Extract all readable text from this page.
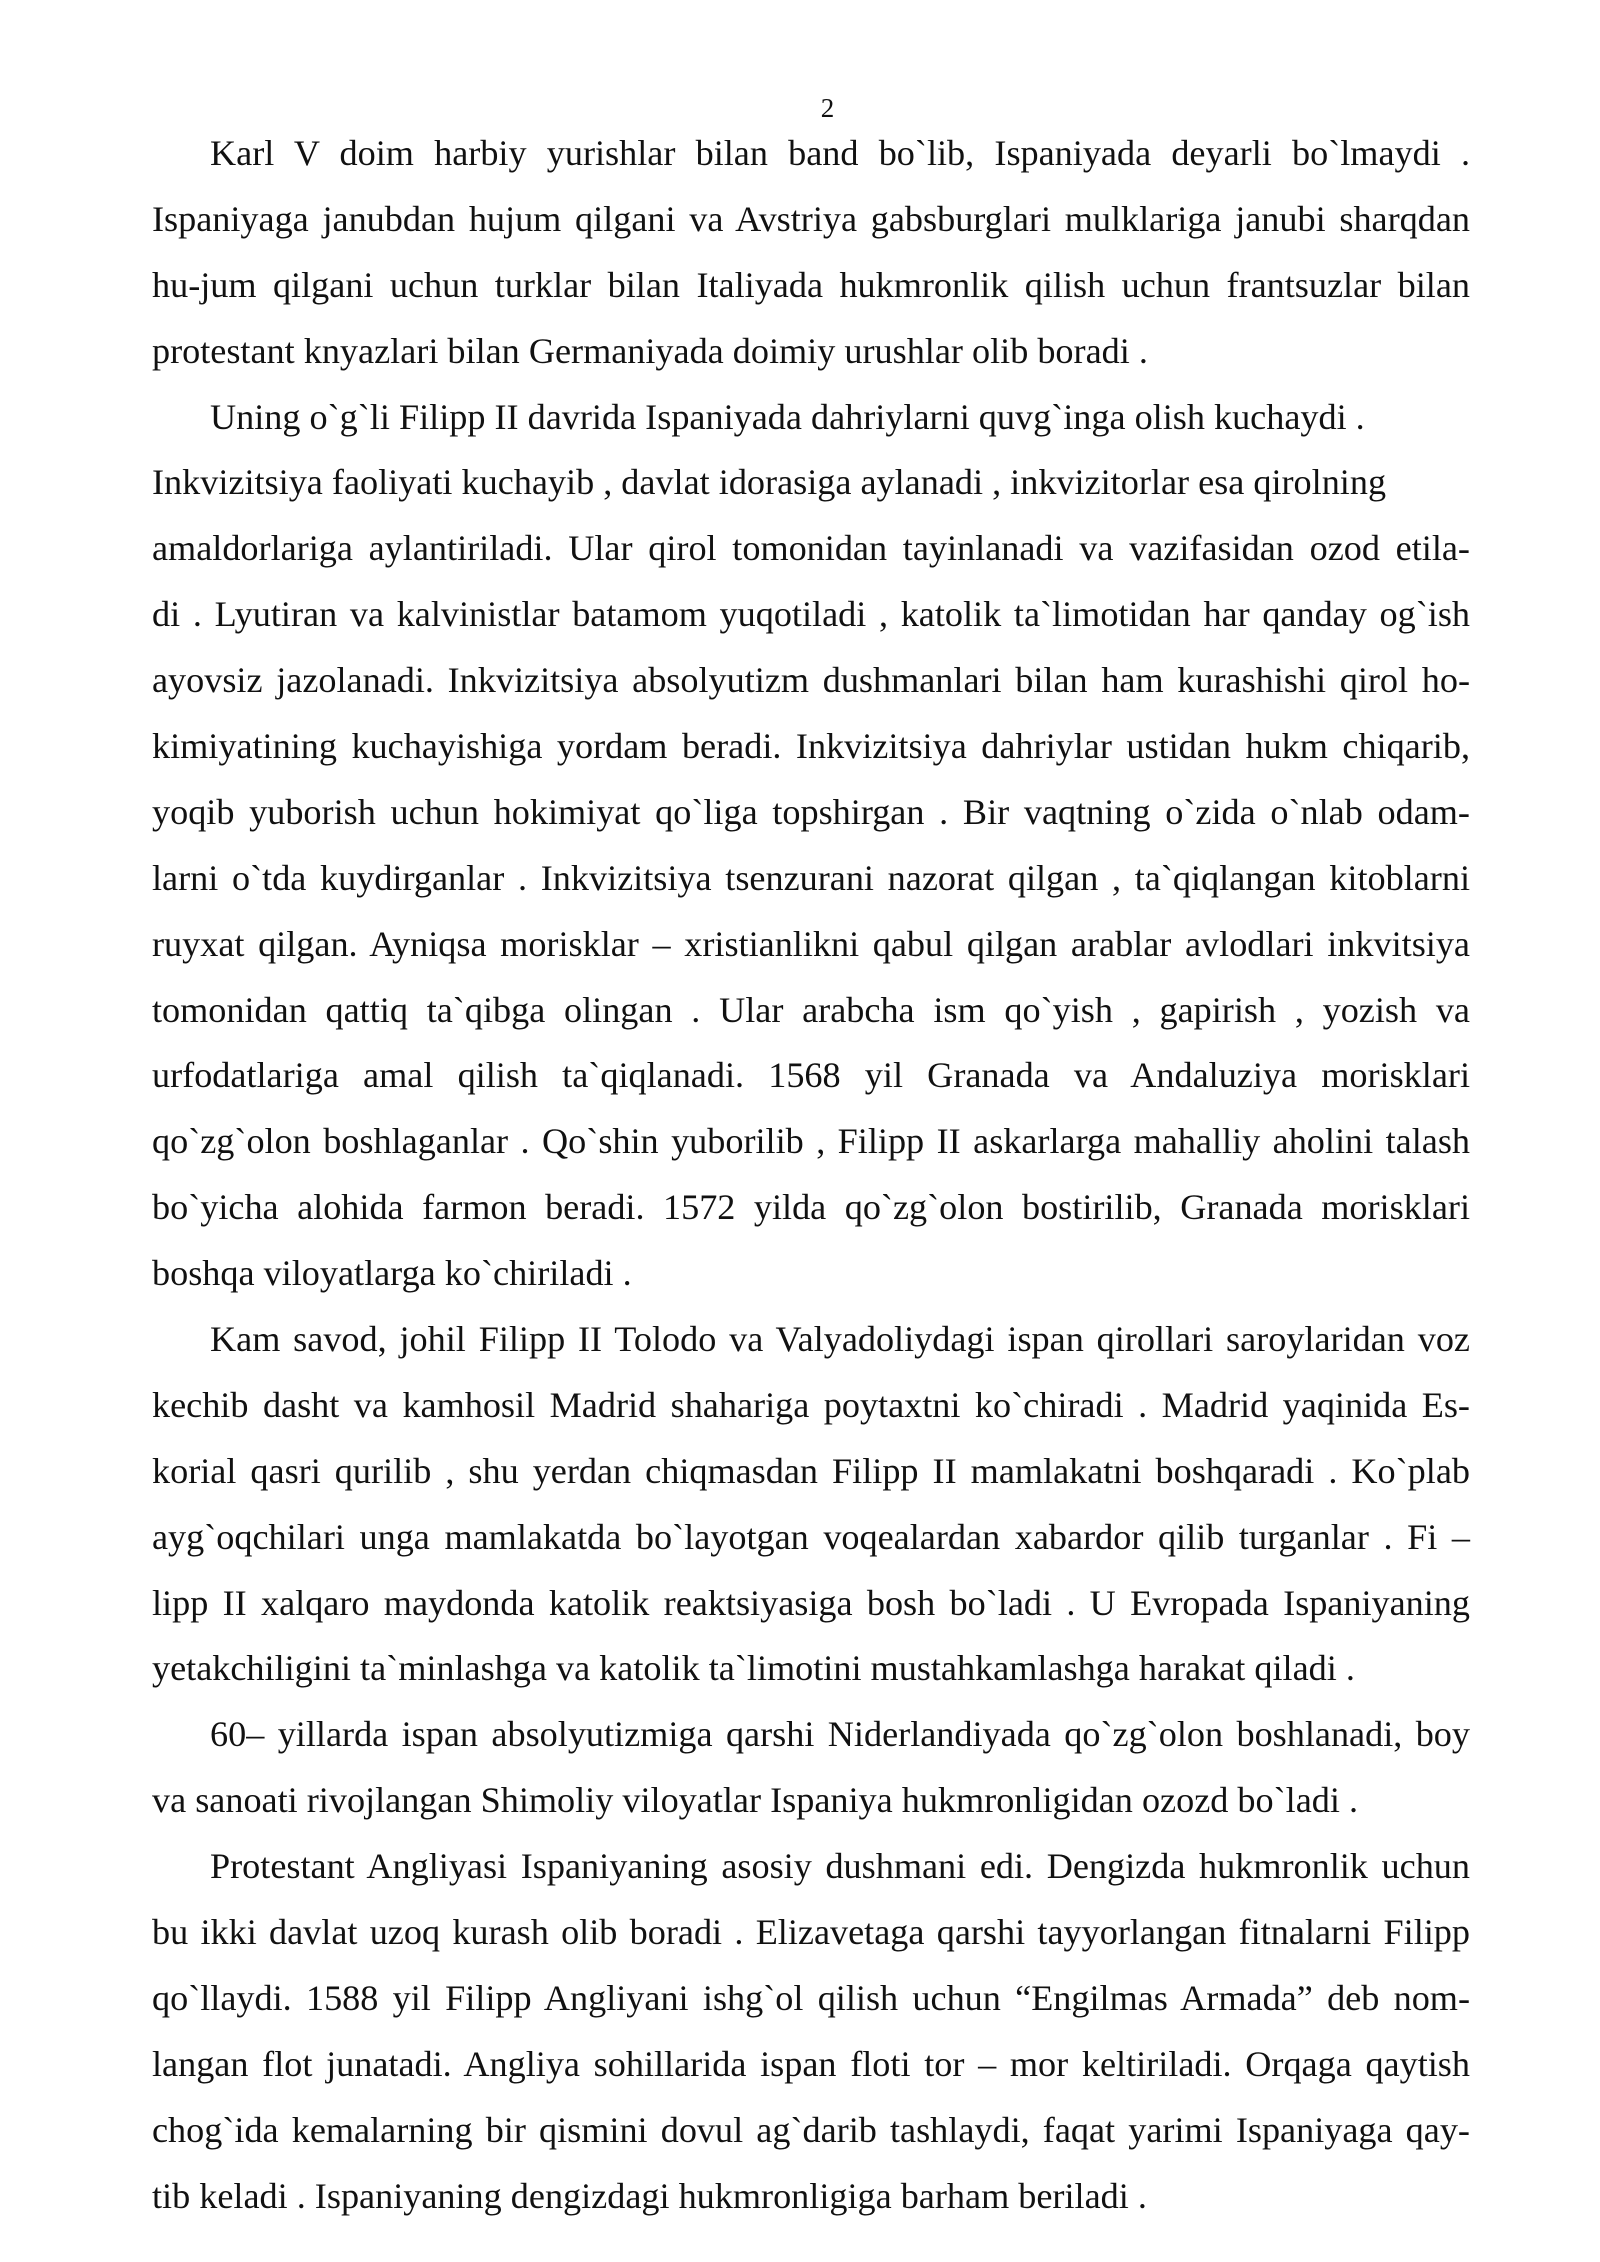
2
Karl V doim harbiy yurishlar bilan band bo`lib, Ispaniyada deyarli bo`lmaydi .
Ispaniyaga janubdan hujum qilgani va Avstriya gabsburglari mulklariga janubi sharqdan
hu-jum qilgani uchun turklar bilan Italiyada hukmronlik qilish uchun frantsuzlar bilan
protestant knyazlari bilan Germaniyada doimiy urushlar olib boradi .
Uning o`g`li Filipp II davrida Ispaniyada dahriylarni quvg`inga olish kuchaydi .
Inkvizitsiya faoliyati kuchayib , davlat idorasiga aylanadi , inkvizitorlar esa qirolning
amaldorlariga aylantiriladi. Ular qirol tomonidan tayinlanadi va vazifasidan ozod etila-
di . Lyutiran va kalvinistlar batamom yuqotiladi , katolik ta`limotidan har qanday og`ish
ayovsiz jazolanadi. Inkvizitsiya absolyutizm dushmanlari bilan ham kurashishi qirol ho-
kimiyatining kuchayishiga yordam beradi. Inkvizitsiya dahriylar ustidan hukm chiqarib,
yoqib yuborish uchun hokimiyat qo`liga topshirgan . Bir vaqtning o`zida o`nlab odam-
larni o`tda kuydirganlar . Inkvizitsiya tsenzurani nazorat qilgan , ta`qiqlangan kitoblarni
ruyxat qilgan. Ayniqsa morisklar – xristianlikni qabul qilgan arablar avlodlari inkvitsiya
tomonidan qattiq ta`qibga olingan . Ular arabcha ism qo`yish , gapirish , yozish va
urfodatlariga amal qilish ta`qiqlanadi. 1568 yil Granada va Andaluziya morisklari
qo`zg`olon boshlaganlar . Qo`shin yuborilib , Filipp II askarlarga mahalliy aholini talash
bo`yicha alohida farmon beradi. 1572 yilda qo`zg`olon bostirilib, Granada morisklari
boshqa viloyatlarga ko`chiriladi .
Kam savod, johil Filipp II Tolodo va Valyadoliydagi ispan qirollari saroylaridan voz
kechib dasht va kamhosil Madrid shahariga poytaxtni ko`chiradi . Madrid yaqinida Es-
korial qasri qurilib , shu yerdan chiqmasdan Filipp II mamlakatni boshqaradi . Ko`plab
ayg`oqchilari unga mamlakatda bo`layotgan voqealardan xabardor qilib turganlar . Fi –
lipp II xalqaro maydonda katolik reaktsiyasiga bosh bo`ladi . U Evropada Ispaniyaning
yetakchiligini ta`minlashga va katolik ta`limotini mustahkamlashga harakat qiladi .
60– yillarda ispan absolyutizmiga qarshi Niderlandiyada qo`zg`olon boshlanadi, boy
va sanoati rivojlangan Shimoliy viloyatlar Ispaniya hukmronligidan ozozd bo`ladi .
Protestant Angliyasi Ispaniyaning asosiy dushmani edi. Dengizda hukmronlik uchun
bu ikki davlat uzoq kurash olib boradi . Elizavetaga qarshi tayyorlangan fitnalarni Filipp
qo`llaydi. 1588 yil Filipp Angliyani ishg`ol qilish uchun “Engilmas Armada” deb nom-
langan flot junatadi. Angliya sohillarida ispan floti tor – mor keltiriladi. Orqaga qaytish
chog`ida kemalarning bir qismini dovul ag`darib tashlaydi, faqat yarimi Ispaniyaga qay-
tib keladi . Ispaniyaning dengizdagi hukmronligiga barham beriladi .
